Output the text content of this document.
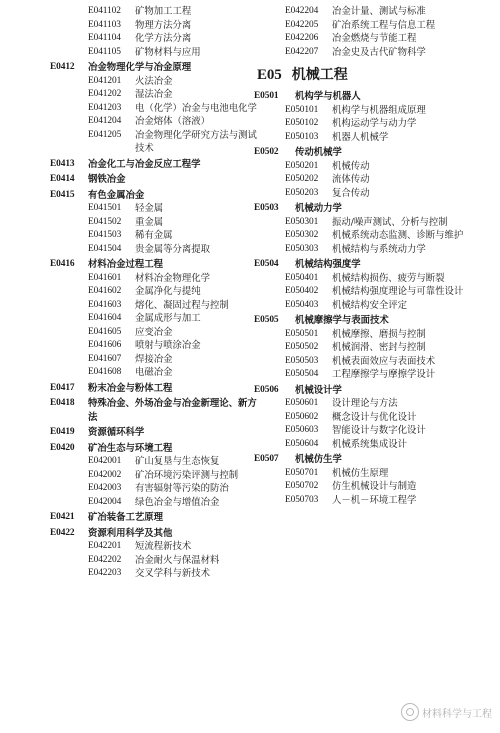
E041102 矿物加工工程
E041103 物理方法分离
E041104 化学方法分离
E041105 矿物材料与应用
E0412 冶金物理化学与冶金原理
E041201 火法冶金
E041202 湿法冶金
E041203 电（化学）冶金与电池电化学
E041204 冶金熔体（溶液）
E041205 冶金物理化学研究方法与测试技术
E0413 冶金化工与冶金反应工程学
E0414 钢铁冶金
E0415 有色金属冶金
E041501 轻金属
E041502 重金属
E041503 稀有金属
E041504 贵金属等分离提取
E0416 材料冶金过程工程
E041601 材料冶金物理化学
E041602 金属净化与提纯
E041603 熔化、凝固过程与控制
E041604 金属成形与加工
E041605 应变冶金
E041606 喷射与喷涂冶金
E041607 焊接冶金
E041608 电磁冶金
E0417 粉末冶金与粉体工程
E0418 特殊冶金、外场冶金与冶金新理论、新方法
E0419 资源循环科学
E0420 矿冶生态与环境工程
E042001 矿山复垦与生态恢复
E042002 矿冶环境污染评测与控制
E042003 有害辐射等污染的防治
E042004 绿色冶金与增值冶金
E0421 矿冶装备工艺原理
E0422 资源利用科学及其他
E042201 短流程新技术
E042202 冶金耐火与保温材料
E042203 交叉学科与新技术
E042204 冶金计量、测试与标准
E042205 矿冶系统工程与信息工程
E042206 冶金燃烧与节能工程
E042207 冶金史及古代矿物科学
E05 机械工程
E0501 机构学与机器人
E050101 机构学与机器组成原理
E050102 机构运动学与动力学
E050103 机器人机械学
E0502 传动机械学
E050201 机械传动
E050202 流体传动
E050203 复合传动
E0503 机械动力学
E050301 振动/噪声测试、分析与控制
E050302 机械系统动态监测、诊断与维护
E050303 机械结构与系统动力学
E0504 机械结构强度学
E050401 机械结构损伤、疲劳与断裂
E050402 机械结构强度理论与可靠性设计
E050403 机械结构安全评定
E0505 机械摩擦学与表面技术
E050501 机械摩擦、磨损与控制
E050502 机械润滑、密封与控制
E050503 机械表面效应与表面技术
E050504 工程摩擦学与摩擦学设计
E0506 机械设计学
E050601 设计理论与方法
E050602 概念设计与优化设计
E050603 智能设计与数字化设计
E050604 机械系统集成设计
E0507 机械仿生学
E050701 机械仿生原理
E050702 仿生机械设计与制造
E050703 人－机－环境工程学
材料科学与工程
